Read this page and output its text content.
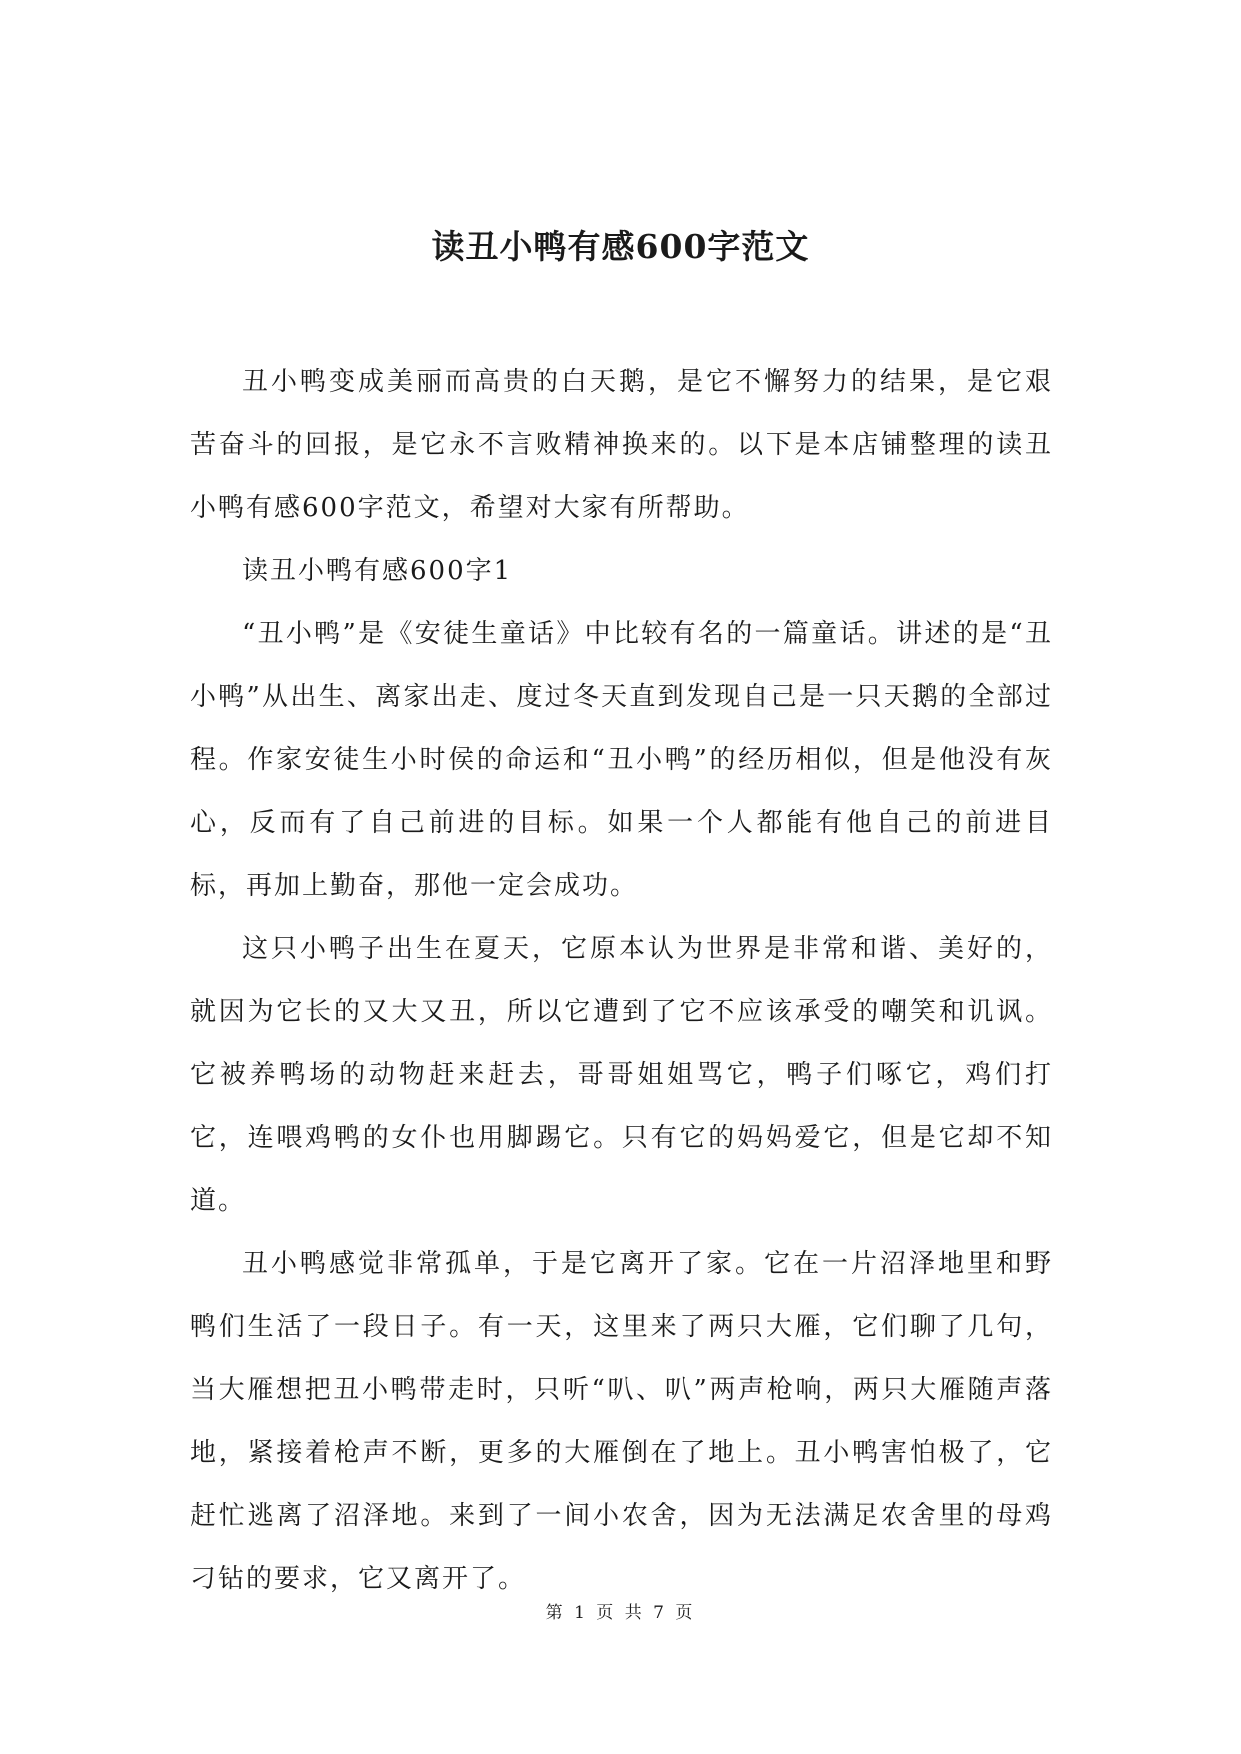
读丑小鸭有感600字范文

丑小鸭变成美丽而高贵的白天鹅，是它不懈努力的结果，是它艰苦奋斗的回报，是它永不言败精神换来的。以下是本店铺整理的读丑小鸭有感600字范文，希望对大家有所帮助。

读丑小鸭有感600字1

“丑小鸭”是《安徒生童话》中比较有名的一篇童话。讲述的是“丑小鸭”从出生、离家出走、度过冬天直到发现自己是一只天鹅的全部过程。作家安徒生小时侯的命运和“丑小鸭”的经历相似，但是他没有灰心，反而有了自己前进的目标。如果一个人都能有他自己的前进目标，再加上勤奋，那他一定会成功。

这只小鸭子出生在夏天，它原本认为世界是非常和谐、美好的，就因为它长的又大又丑，所以它遭到了它不应该承受的嘲笑和讥讽。它被养鸭场的动物赶来赶去，哥哥姐姐骂它，鸭子们啄它，鸡们打它，连喂鸡鸭的女仆也用脚踢它。只有它的妈妈爱它，但是它却不知道。

丑小鸭感觉非常孤单，于是它离开了家。它在一片沼泽地里和野鸭们生活了一段日子。有一天，这里来了两只大雁，它们聊了几句，当大雁想把丑小鸭带走时，只听“叭、叭”两声枪响，两只大雁随声落地，紧接着枪声不断，更多的大雁倒在了地上。丑小鸭害怕极了，它赶忙逃离了沼泽地。来到了一间小农舍，因为无法满足农舍里的母鸡刁钻的要求，它又离开了。

第 1 页 共 7 页
